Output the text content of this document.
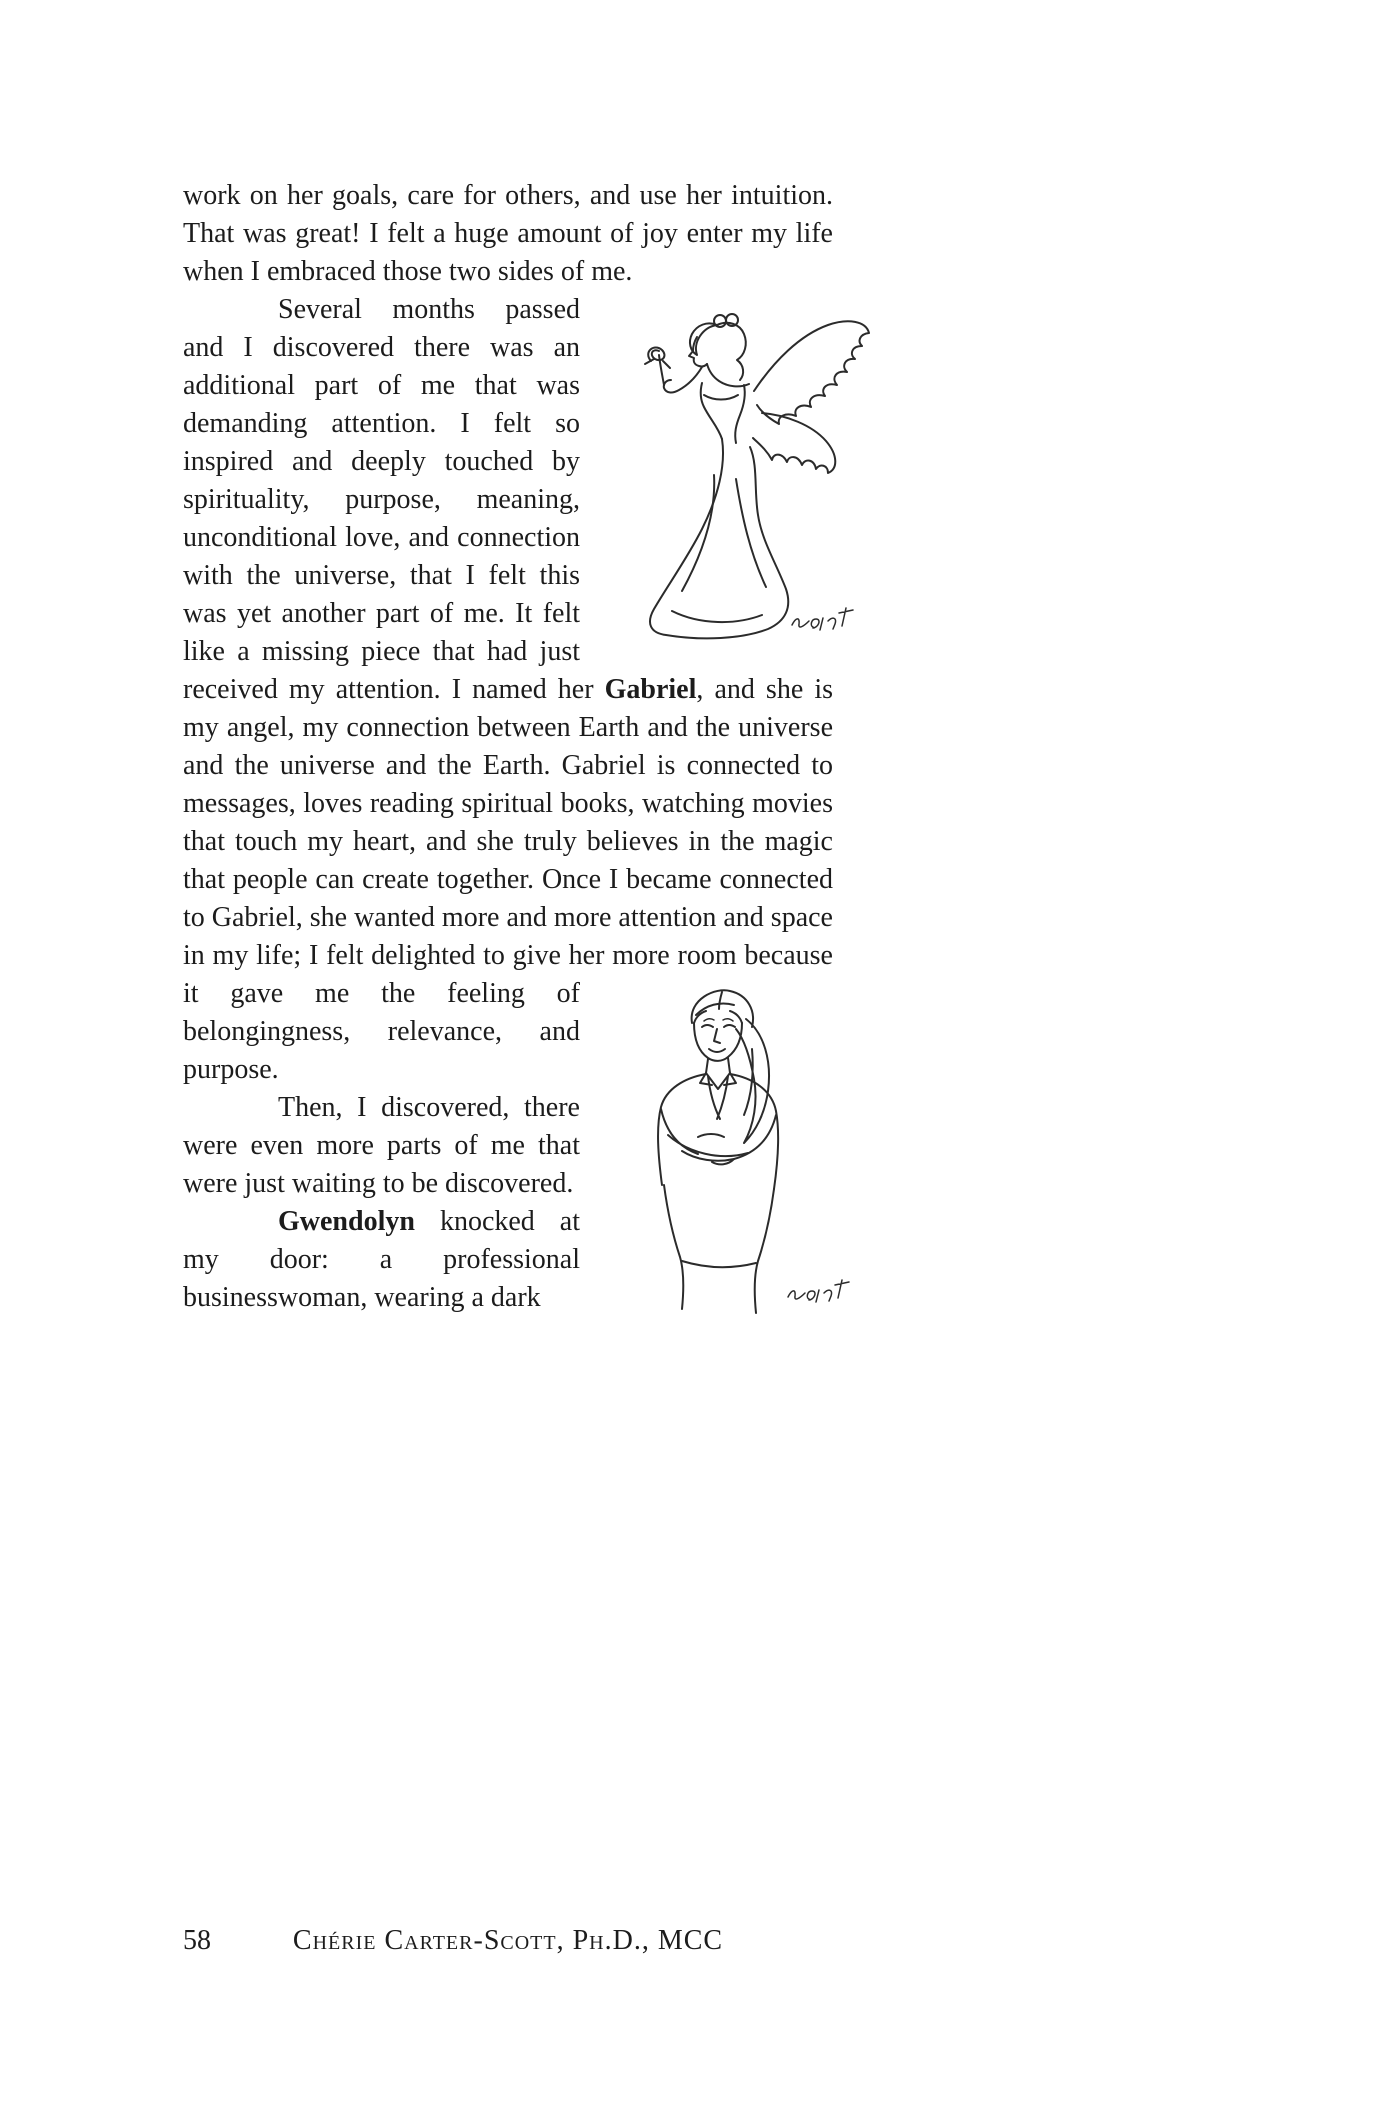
work on her goals, care for others, and use her intuition. That was great! I felt a huge amount of joy enter my life when I embraced those two sides of me.

Several months passed and I discovered there was an additional part of me that was demanding attention. I felt so inspired and deeply touched by spirituality, purpose, meaning, unconditional love, and connection with the universe, that I felt this was yet another part of me. It felt like a missing piece that had just received my attention. I named her Gabriel, and she is my angel, my connection between Earth and the universe and the universe and the Earth. Gabriel is connected to messages, loves reading spiritual books, watching movies that touch my heart, and she truly believes in the magic that people can create together. Once I became connected to Gabriel, she wanted more and more attention and space in my life; I felt delighted to give her more room because it gave me the feeling of
belongingness, relevance, and purpose.

Then, I discovered, there were even more parts of me that were just waiting to be discovered.

Gwendolyn knocked at my door: a professional businesswoman, wearing a dark

58	Chérie Carter-Scott, Ph.D., MCC
